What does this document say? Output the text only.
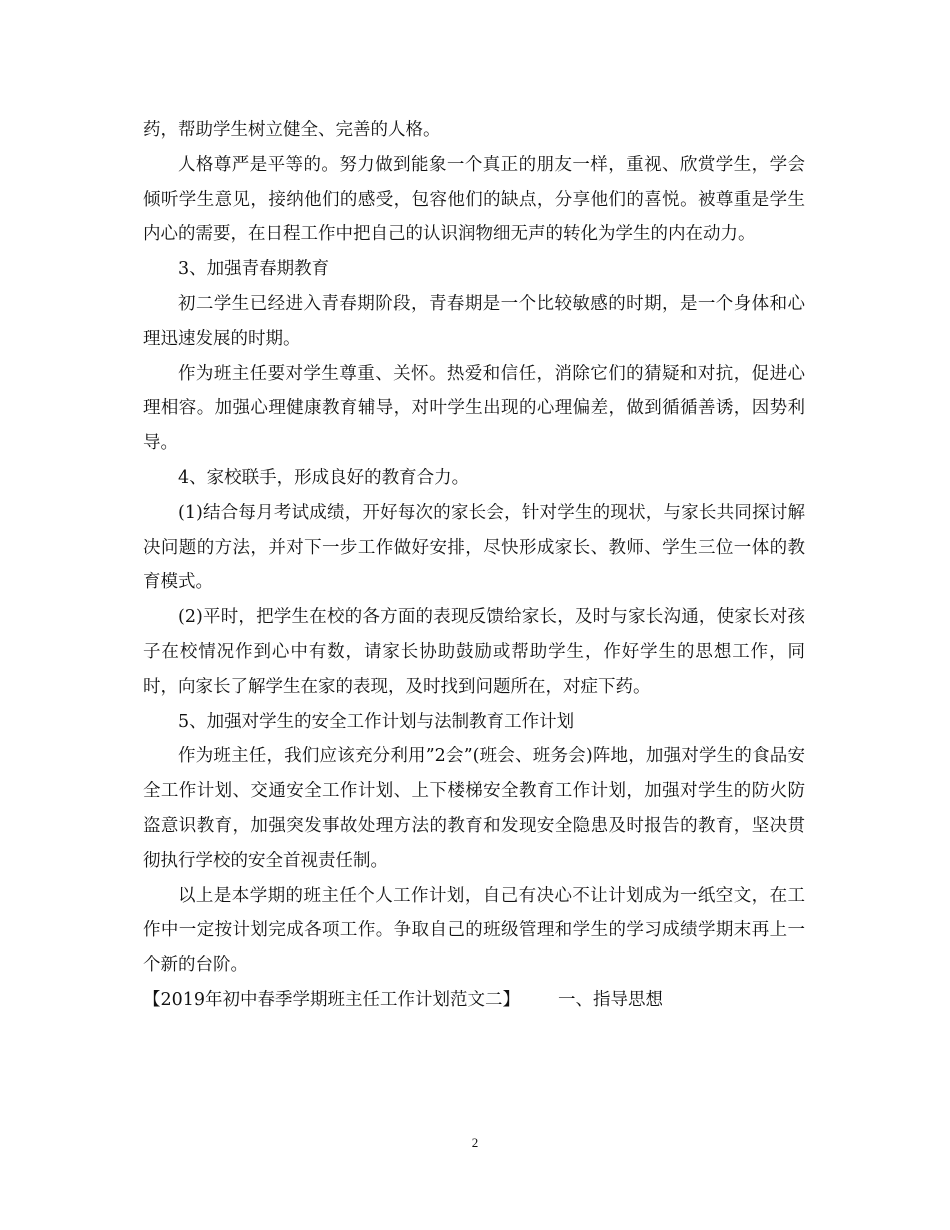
药，帮助学生树立健全、完善的人格。

人格尊严是平等的。努力做到能象一个真正的朋友一样，重视、欣赏学生，学会倾听学生意见，接纳他们的感受，包容他们的缺点，分享他们的喜悦。被尊重是学生内心的需要，在日程工作中把自己的认识润物细无声的转化为学生的内在动力。

3、加强青春期教育

初二学生已经进入青春期阶段，青春期是一个比较敏感的时期，是一个身体和心理迅速发展的时期。

作为班主任要对学生尊重、关怀。热爱和信任，消除它们的猜疑和对抗，促进心理相容。加强心理健康教育辅导，对叶学生出现的心理偏差，做到循循善诱，因势利导。

4、家校联手，形成良好的教育合力。

(1)结合每月考试成绩，开好每次的家长会，针对学生的现状，与家长共同探讨解决问题的方法，并对下一步工作做好安排，尽快形成家长、教师、学生三位一体的教育模式。

(2)平时，把学生在校的各方面的表现反馈给家长，及时与家长沟通，使家长对孩子在校情况作到心中有数，请家长协助鼓励或帮助学生，作好学生的思想工作，同时，向家长了解学生在家的表现，及时找到问题所在，对症下药。

5、加强对学生的安全工作计划与法制教育工作计划

作为班主任，我们应该充分利用”2会”(班会、班务会)阵地，加强对学生的食品安全工作计划、交通安全工作计划、上下楼梯安全教育工作计划，加强对学生的防火防盗意识教育，加强突发事故处理方法的教育和发现安全隐患及时报告的教育，坚决贯彻执行学校的安全首视责任制。

以上是本学期的班主任个人工作计划，自己有决心不让计划成为一纸空文，在工作中一定按计划完成各项工作。争取自己的班级管理和学生的学习成绩学期末再上一个新的台阶。

【2019年初中春季学期班主任工作计划范文二】 一、指导思想

2
